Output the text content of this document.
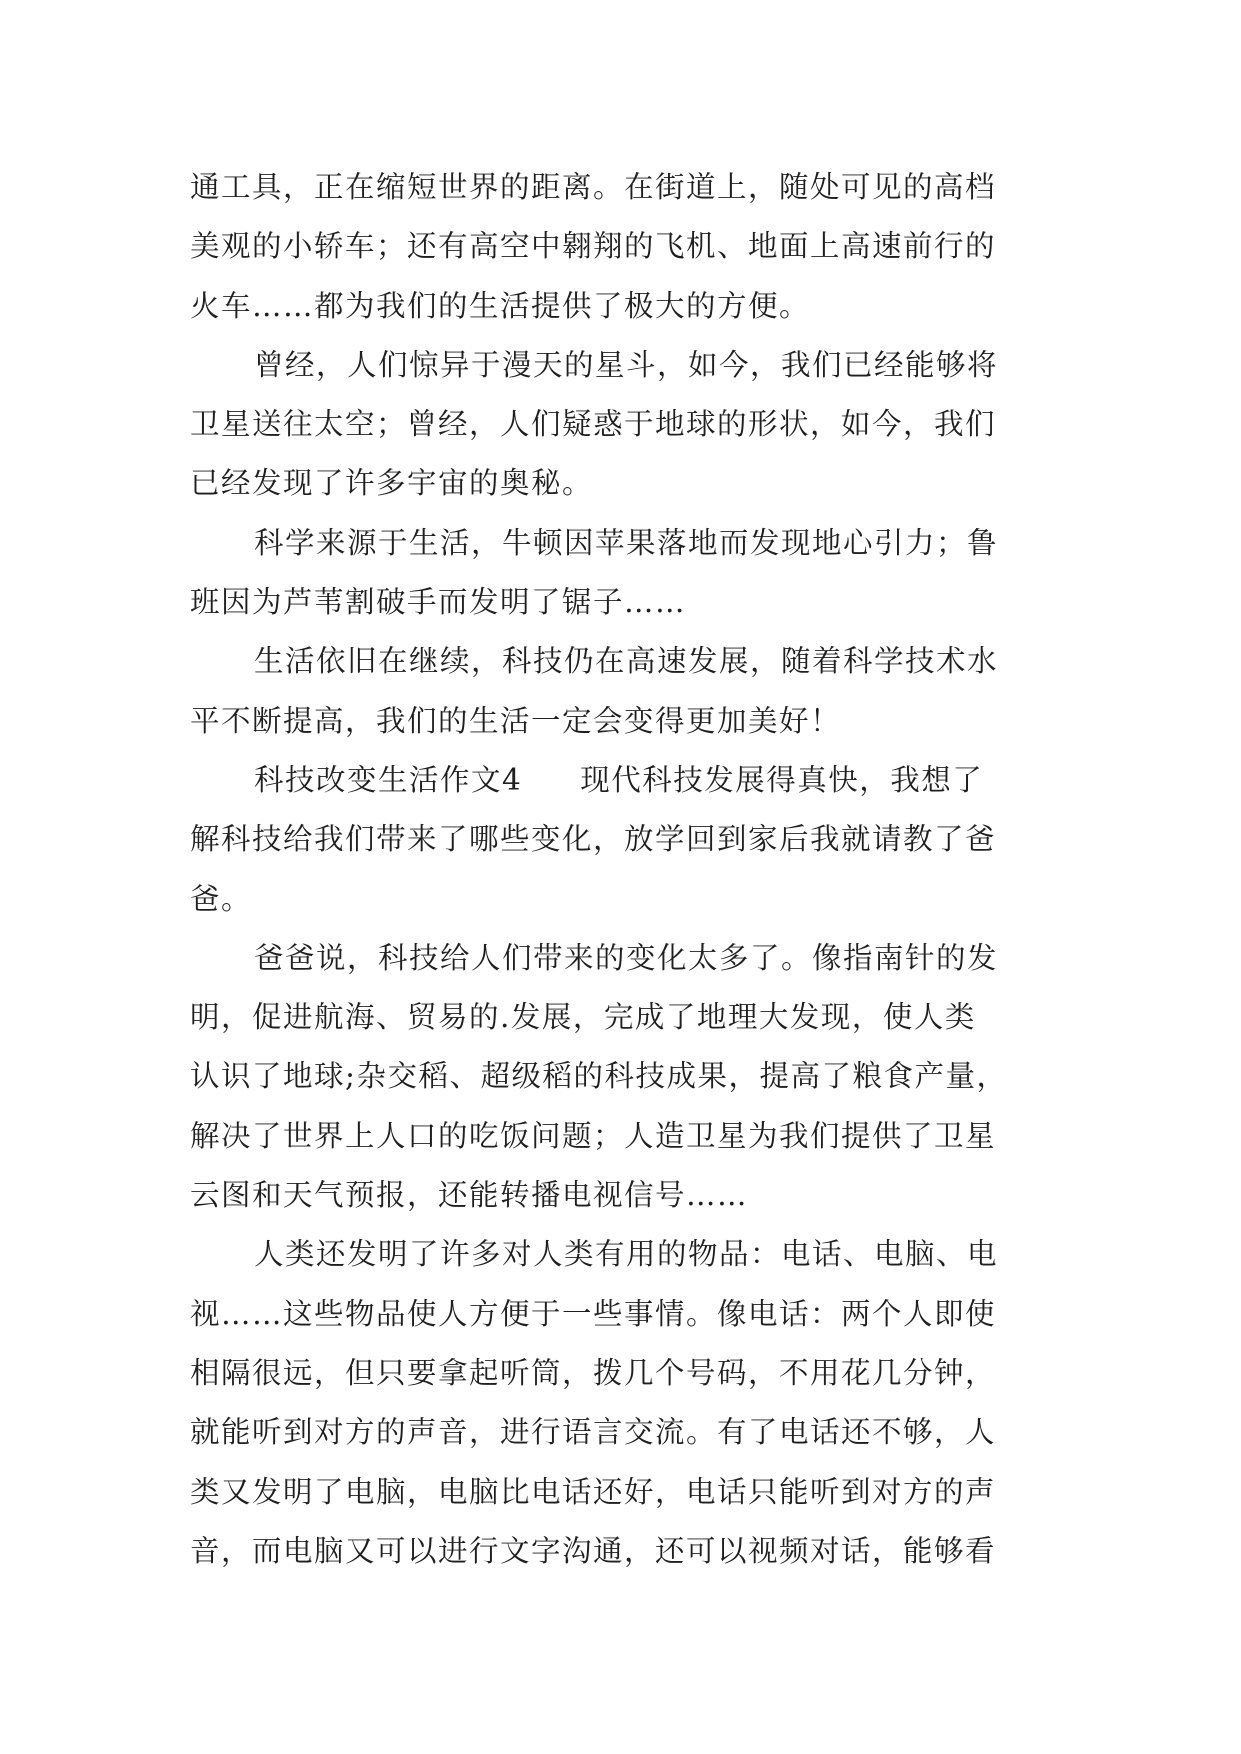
通工具，正在缩短世界的距离。在街道上，随处可见的高档
美观的小轿车；还有高空中翱翔的飞机、地面上高速前行的
火车……都为我们的生活提供了极大的方便。
曾经，人们惊异于漫天的星斗，如今，我们已经能够将
卫星送往太空；曾经，人们疑惑于地球的形状，如今，我们
已经发现了许多宇宙的奥秘。
科学来源于生活，牛顿因苹果落地而发现地心引力；鲁
班因为芦苇割破手而发明了锯子……
生活依旧在继续，科技仍在高速发展，随着科学技术水
平不断提高，我们的生活一定会变得更加美好！
科技改变生活作文4 现代科技发展得真快，我想了
解科技给我们带来了哪些变化，放学回到家后我就请教了爸
爸。
爸爸说，科技给人们带来的变化太多了。像指南针的发
明，促进航海、贸易的.发展，完成了地理大发现，使人类
认识了地球;杂交稻、超级稻的科技成果，提高了粮食产量，
解决了世界上人口的吃饭问题；人造卫星为我们提供了卫星
云图和天气预报，还能转播电视信号……
人类还发明了许多对人类有用的物品：电话、电脑、电
视……这些物品使人方便于一些事情。像电话：两个人即使
相隔很远，但只要拿起听筒，拨几个号码，不用花几分钟，
就能听到对方的声音，进行语言交流。有了电话还不够，人
类又发明了电脑，电脑比电话还好，电话只能听到对方的声
音，而电脑又可以进行文字沟通，还可以视频对话，能够看
